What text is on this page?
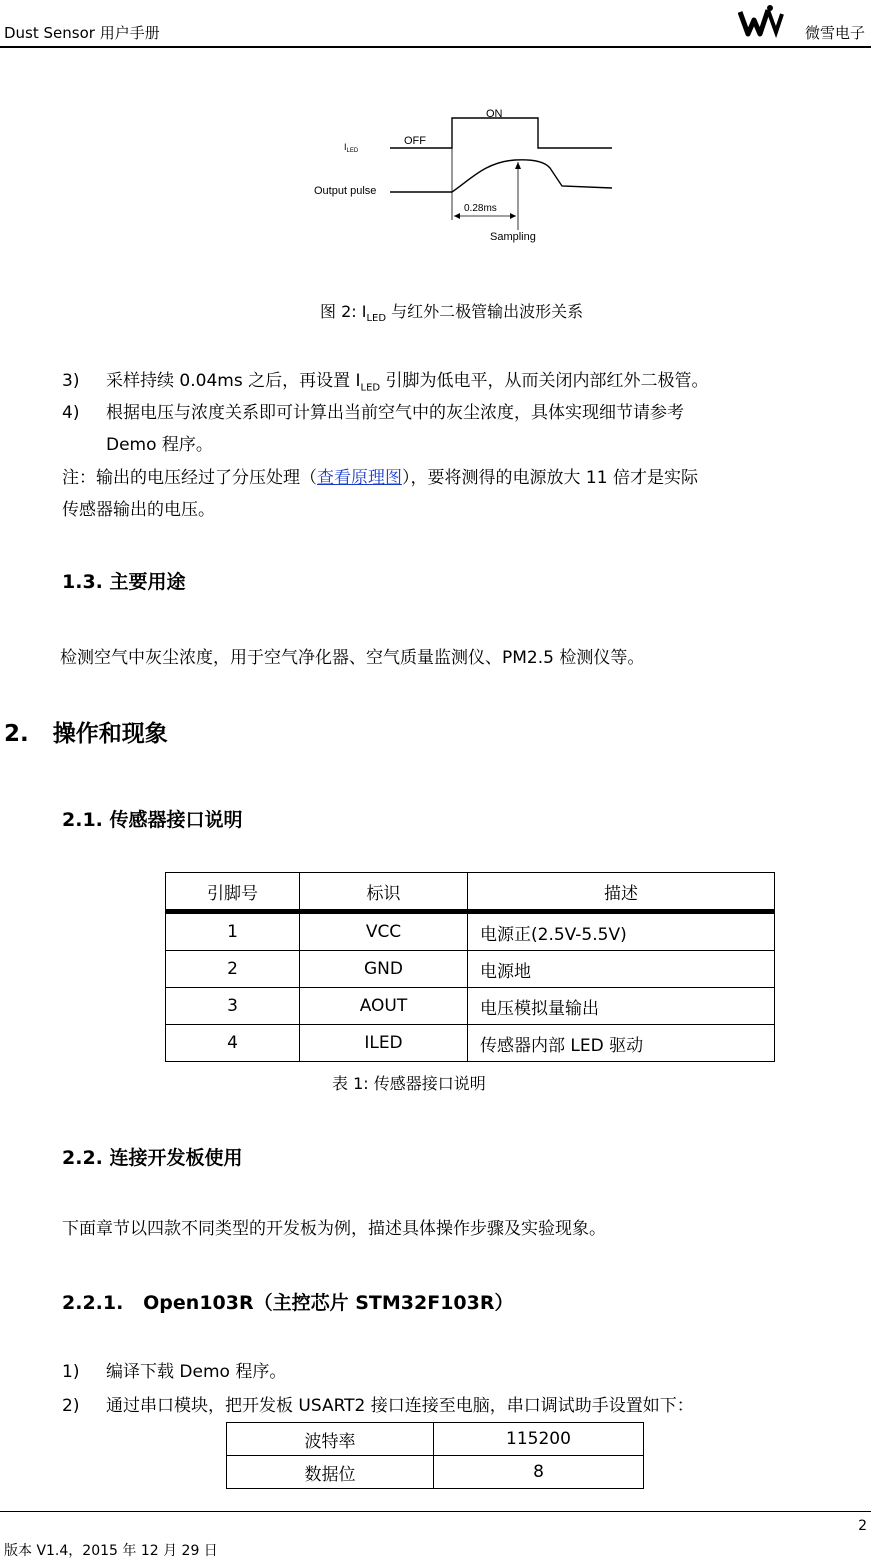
Dust Sensor 用户手册	微雪电子
$I_{LED}$
OFF
ON
Output pulse
0.28ms
Sampling
图 2: $I_{LED}$ 与红外二极管输出波形关系
3) 采样持续 0.04ms 之后，再设置 $I_{LED}$ 引脚为低电平，从而关闭内部红外二极管。
4) 根据电压与浓度关系即可计算出当前空气中的灰尘浓度，具体实现细节请参考
Demo 程序。
注：输出的电压经过了分压处理（查看原理图），要将测得的电源放大 11 倍才是实际
传感器输出的电压。
1.3. 主要用途
检测空气中灰尘浓度，用于空气净化器、空气质量监测仪、PM2.5 检测仪等。
2. 操作和现象
2.1. 传感器接口说明
引脚号	标识	描述
1	VCC	电源正(2.5V-5.5V)
2	GND	电源地
3	AOUT	电压模拟量输出
4	ILED	传感器内部 LED 驱动
表 1: 传感器接口说明
2.2. 连接开发板使用
下面章节以四款不同类型的开发板为例，描述具体操作步骤及实验现象。
2.2.1.   Open103R（主控芯片 STM32F103R）
1) 编译下载 Demo 程序。
2) 通过串口模块，把开发板 USART2 接口连接至电脑，串口调试助手设置如下：
波特率	115200
数据位	8
2
版本 V1.4，2015 年 12 月 29 日
